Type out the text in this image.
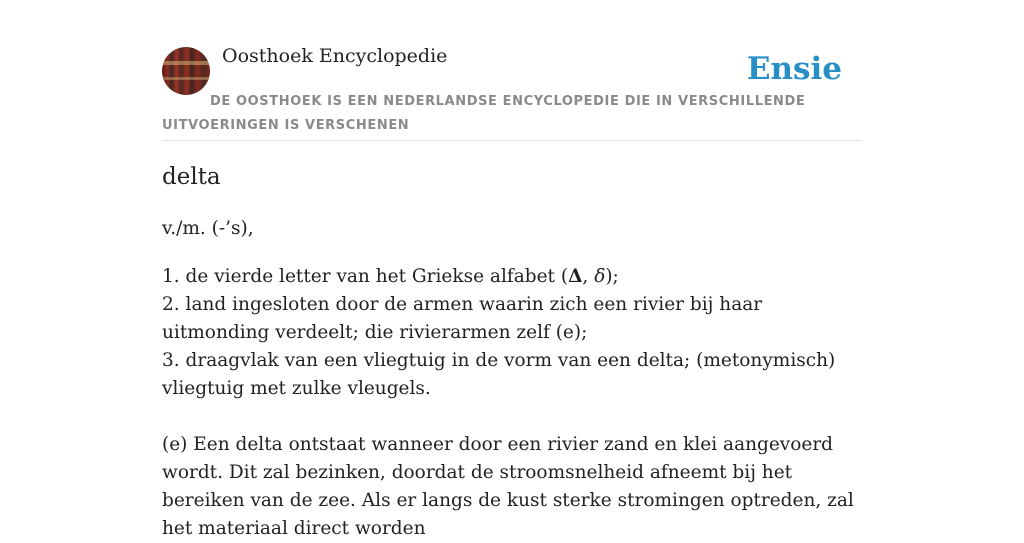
Oosthoek Encyclopedie	Ensie
DE OOSTHOEK IS EEN NEDERLANDSE ENCYCLOPEDIE DIE IN VERSCHILLENDE UITVOERINGEN IS VERSCHENEN
delta
v./m. (-’s),
1. de vierde letter van het Griekse alfabet (Δ, δ);
2. land ingesloten door de armen waarin zich een rivier bij haar uitmonding verdeelt; die rivierarmen zelf (e);
3. draagvlak van een vliegtuig in de vorm van een delta; (metonymisch) vliegtuig met zulke vleugels.
(e) Een delta ontstaat wanneer door een rivier zand en klei aangevoerd wordt. Dit zal bezinken, doordat de stroomsnelheid afneemt bij het bereiken van de zee. Als er langs de kust sterke stromingen optreden, zal het materiaal direct worden
